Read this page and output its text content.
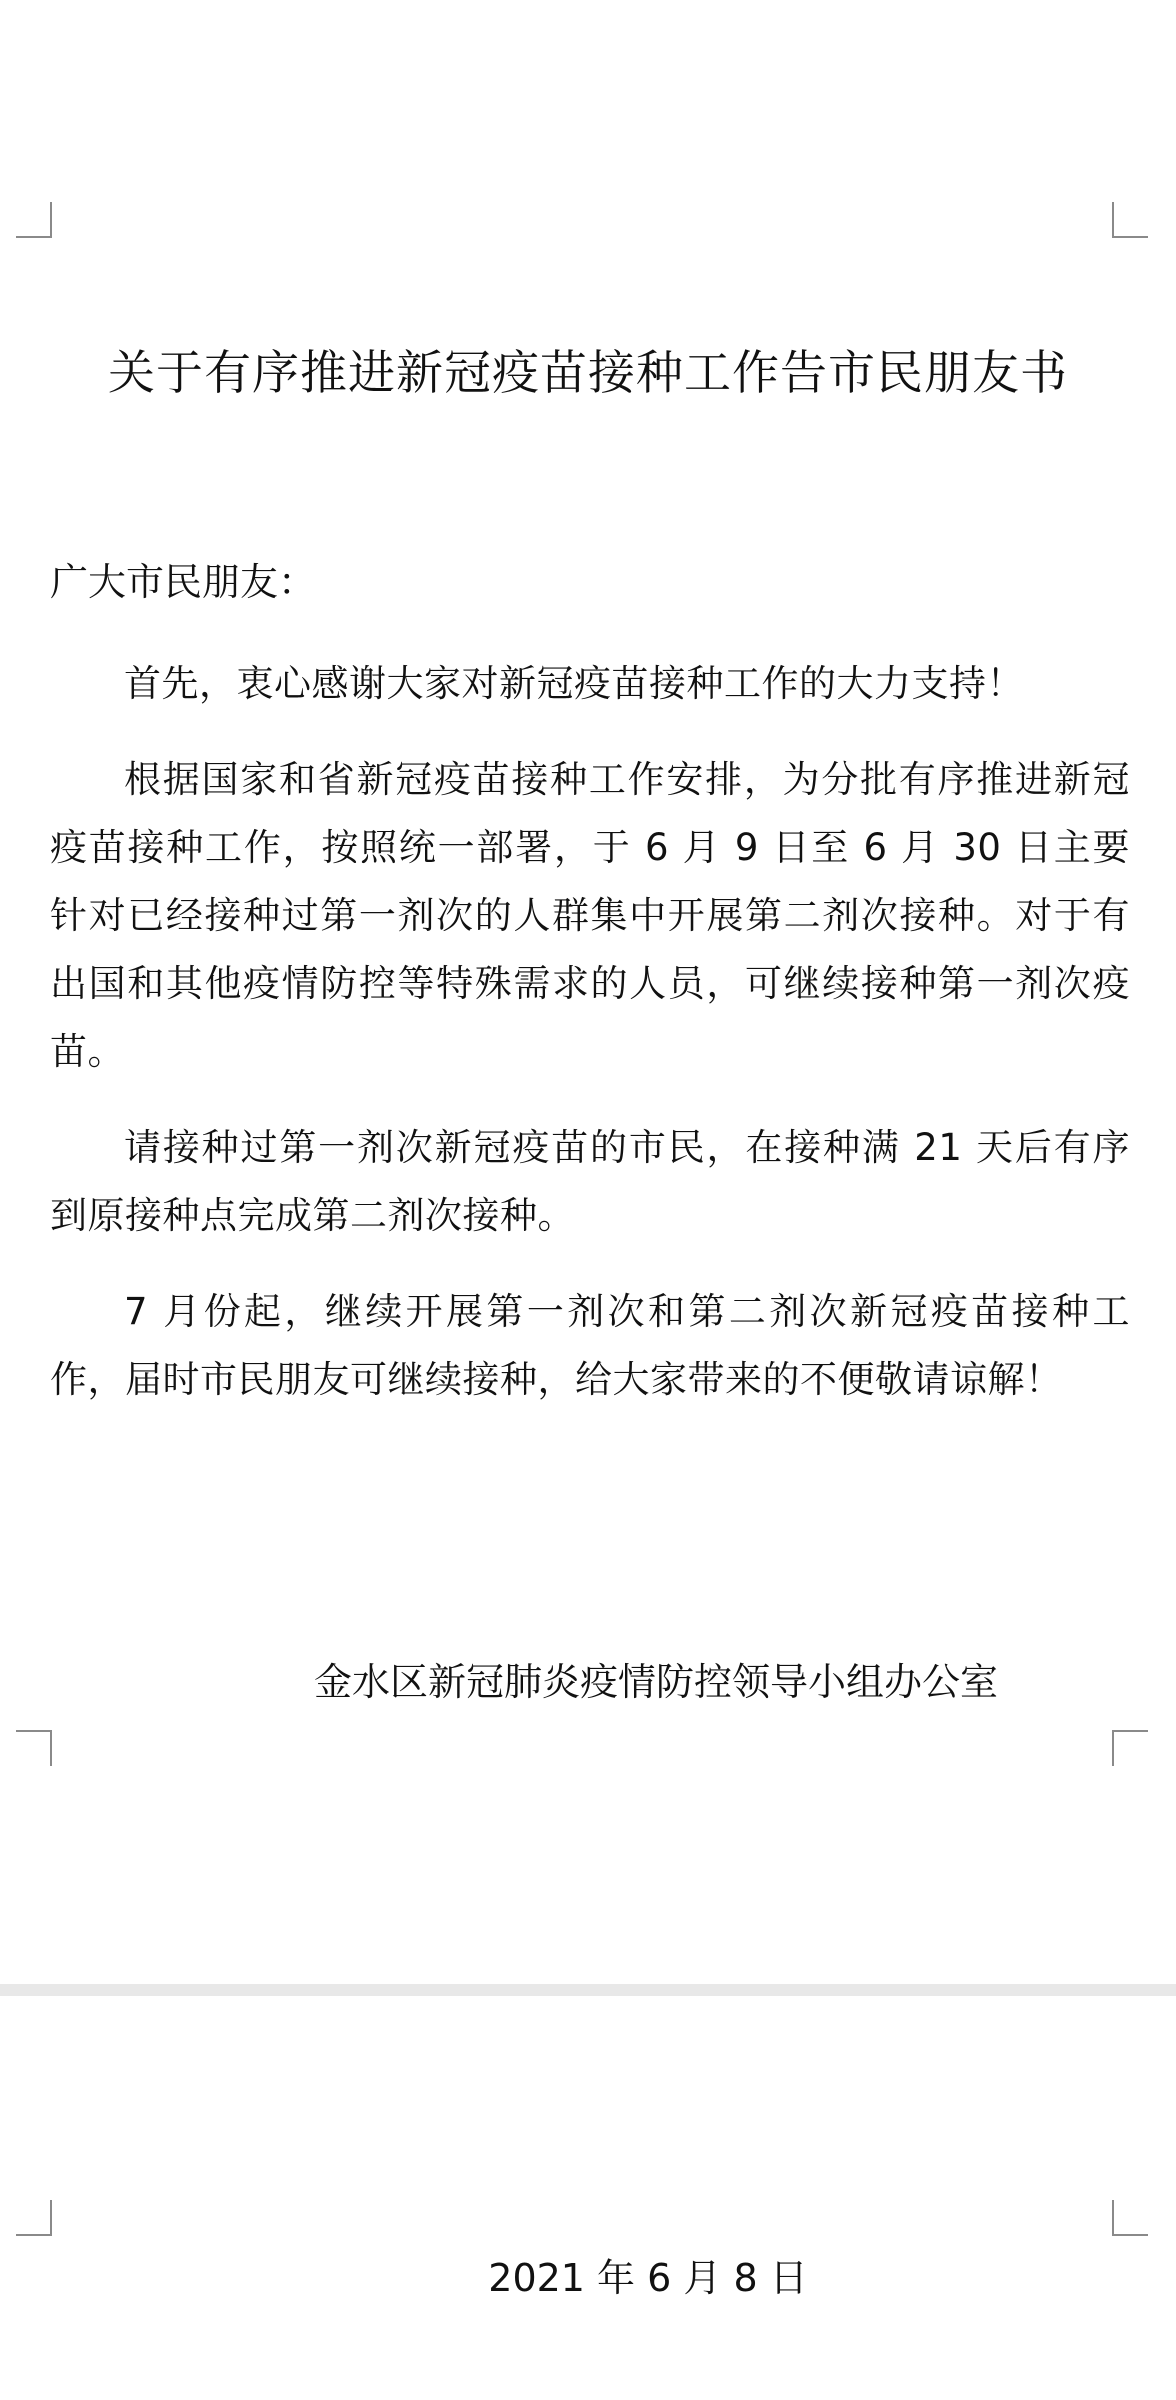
关于有序推进新冠疫苗接种工作告市民朋友书

广大市民朋友：

首先，衷心感谢大家对新冠疫苗接种工作的大力支持！

根据国家和省新冠疫苗接种工作安排，为分批有序推进新冠疫苗接种工作，按照统一部署，于 6 月 9 日至 6 月 30 日主要针对已经接种过第一剂次的人群集中开展第二剂次接种。对于有出国和其他疫情防控等特殊需求的人员，可继续接种第一剂次疫苗。

请接种过第一剂次新冠疫苗的市民，在接种满 21 天后有序到原接种点完成第二剂次接种。

7 月份起，继续开展第一剂次和第二剂次新冠疫苗接种工作，届时市民朋友可继续接种，给大家带来的不便敬请谅解！

金水区新冠肺炎疫情防控领导小组办公室

2021 年 6 月 8 日
